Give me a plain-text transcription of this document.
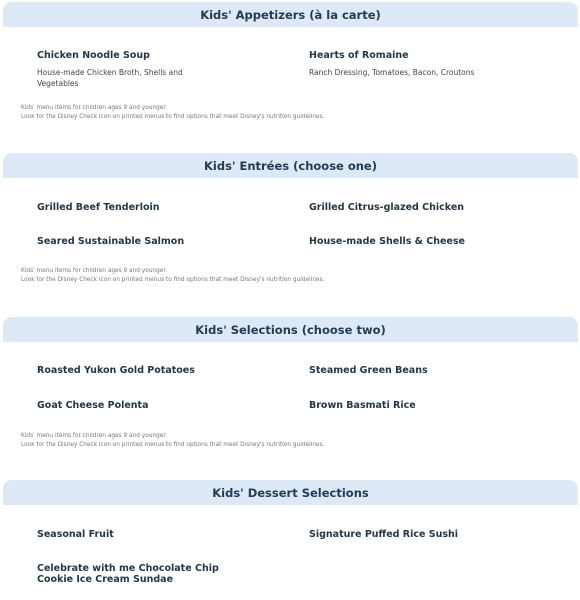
Kids' Appetizers (à la carte)
Chicken Noodle Soup
House-made Chicken Broth, Shells and
Vegetables
Hearts of Romaine
Ranch Dressing, Tomatoes, Bacon, Croutons
Kids' menu items for children ages 9 and younger.
Look for the Disney Check icon on printed menus to find options that meet Disney's nutrition guidelines.
Kids' Entrées (choose one)
Grilled Beef Tenderloin	Grilled Citrus-glazed Chicken
Seared Sustainable Salmon	House-made Shells & Cheese
Kids' menu items for children ages 9 and younger.
Look for the Disney Check icon on printed menus to find options that meet Disney's nutrition guidelines.
Kids' Selections (choose two)
Roasted Yukon Gold Potatoes	Steamed Green Beans
Goat Cheese Polenta	Brown Basmati Rice
Kids' menu items for children ages 9 and younger.
Look for the Disney Check icon on printed menus to find options that meet Disney's nutrition guidelines.
Kids' Dessert Selections
Seasonal Fruit	Signature Puffed Rice Sushi
Celebrate with me Chocolate Chip
Cookie Ice Cream Sundae
